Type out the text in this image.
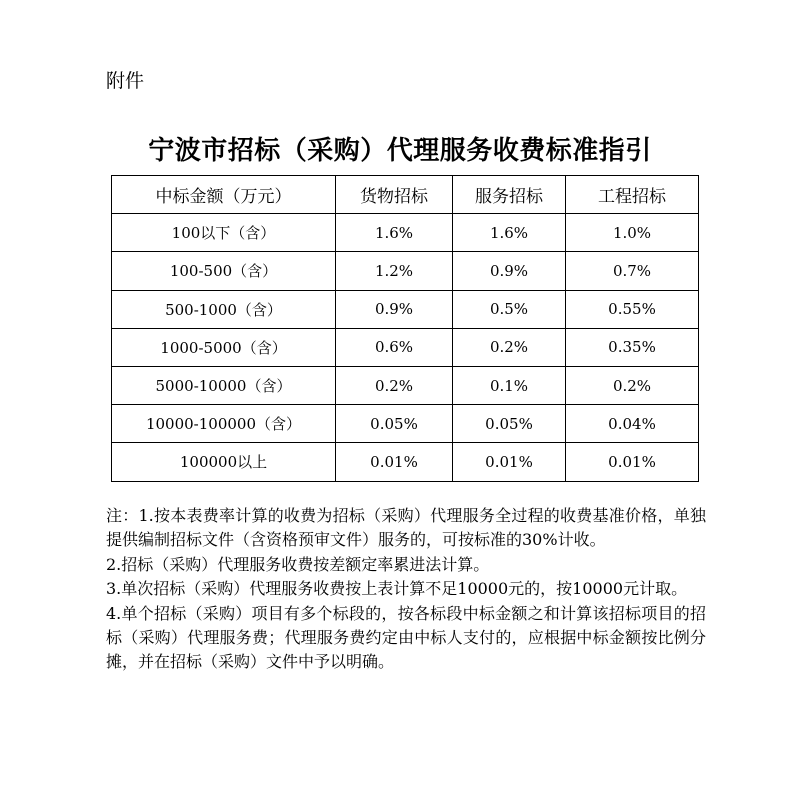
附件
宁波市招标（采购）代理服务收费标准指引
中标金额（万元）	货物招标	服务招标	工程招标
100以下（含）	1.6%	1.6%	1.0%
100-500（含）	1.2%	0.9%	0.7%
500-1000（含）	0.9%	0.5%	0.55%
1000-5000（含）	0.6%	0.2%	0.35%
5000-10000（含）	0.2%	0.1%	0.2%
10000-100000（含）	0.05%	0.05%	0.04%
100000以上	0.01%	0.01%	0.01%

注：1.按本表费率计算的收费为招标（采购）代理服务全过程的收费基准价格，单独提供编制招标文件（含资格预审文件）服务的，可按标准的30%计收。

2.招标（采购）代理服务收费按差额定率累进法计算。

3.单次招标（采购）代理服务收费按上表计算不足10000元的，按10000元计取。

4.单个招标（采购）项目有多个标段的，按各标段中标金额之和计算该招标项目的招标（采购）代理服务费；代理服务费约定由中标人支付的，应根据中标金额按比例分摊，并在招标（采购）文件中予以明确。
